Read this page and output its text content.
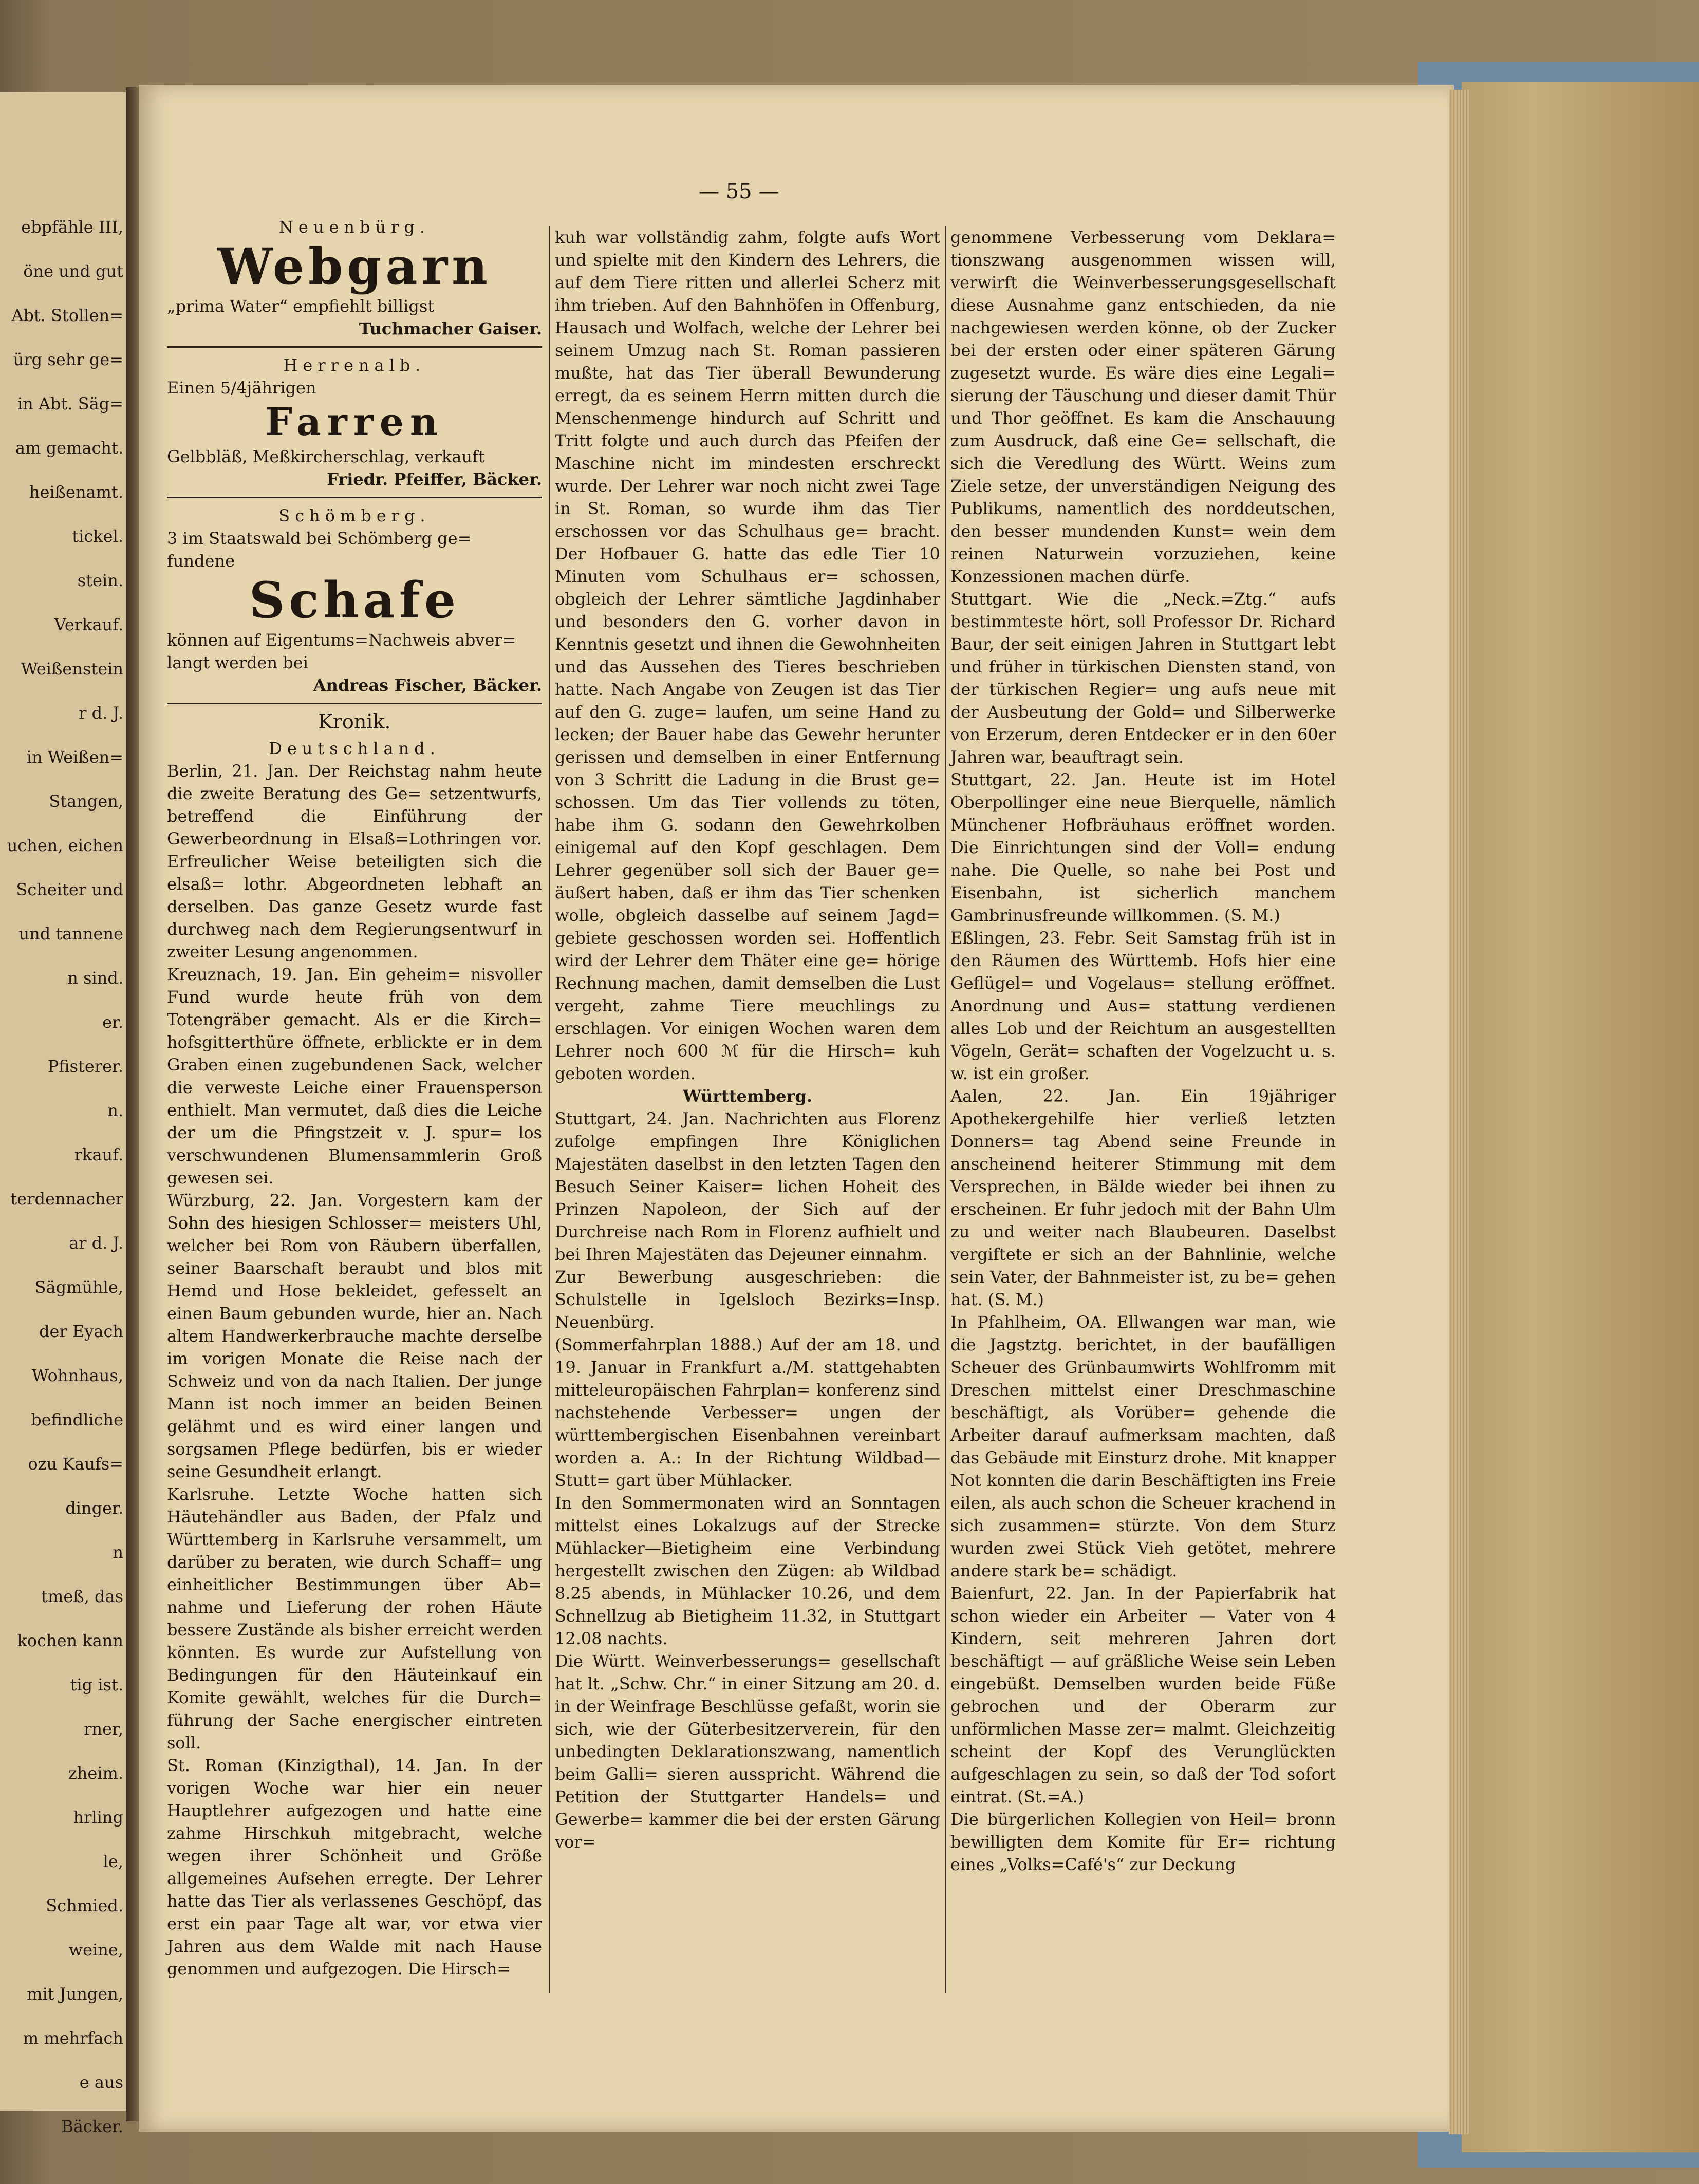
ebpfähle III,
öne und gut
Abt. Stollen=
ürg sehr ge=
in Abt. Säg=
am gemacht.
heißenamt.
tickel.
stein.
Verkauf.
Weißenstein
r d. J.
in Weißen=
Stangen,
uchen, eichen
Scheiter und
und tannene
n sind.
er.
Pfisterer.
n.
rkauf.
terdennacher
ar d. J.
Sägmühle,
der Eyach
Wohnhaus,
befindliche
ozu Kaufs=
dinger.
n
tmeß, das
kochen kann
tig ist.
rner,
zheim.
hrling
le,
Schmied.
weine,
mit Jungen,
m mehrfach
e aus
Bäcker.
— 55 —
Neuenbürg.
Webgarn
„prima Water“ empfiehlt billigst
Tuchmacher Gaiser.
Herrenalb.
Einen 5/4jährigen
Farren
Gelbbläß, Meßkircherschlag, verkauft
Friedr. Pfeiffer, Bäcker.
Schömberg.
3 im Staatswald bei Schömberg ge= fundene
Schafe
können auf Eigentums=Nachweis abver= langt werden bei
Andreas Fischer, Bäcker.
Kronik.
Deutschland.

Berlin, 21. Jan. Der Reichstag nahm heute die zweite Beratung des Ge= setzentwurfs, betreffend die Einführung der Gewerbeordnung in Elsaß=Lothringen vor. Erfreulicher Weise beteiligten sich die elsaß= lothr. Abgeordneten lebhaft an derselben. Das ganze Gesetz wurde fast durchweg nach dem Regierungsentwurf in zweiter Lesung angenommen.

Kreuznach, 19. Jan. Ein geheim= nisvoller Fund wurde heute früh von dem Totengräber gemacht. Als er die Kirch= hofsgitterthüre öffnete, erblickte er in dem Graben einen zugebundenen Sack, welcher die verweste Leiche einer Frauensperson enthielt. Man vermutet, daß dies die Leiche der um die Pfingstzeit v. J. spur= los verschwundenen Blumensammlerin Groß gewesen sei.

Würzburg, 22. Jan. Vorgestern kam der Sohn des hiesigen Schlosser= meisters Uhl, welcher bei Rom von Räubern überfallen, seiner Baarschaft beraubt und blos mit Hemd und Hose bekleidet, gefesselt an einen Baum gebunden wurde, hier an. Nach altem Handwerkerbrauche machte derselbe im vorigen Monate die Reise nach der Schweiz und von da nach Italien. Der junge Mann ist noch immer an beiden Beinen gelähmt und es wird einer langen und sorgsamen Pflege bedürfen, bis er wieder seine Gesundheit erlangt.

Karlsruhe. Letzte Woche hatten sich Häutehändler aus Baden, der Pfalz und Württemberg in Karlsruhe versammelt, um darüber zu beraten, wie durch Schaff= ung einheitlicher Bestimmungen über Ab= nahme und Lieferung der rohen Häute bessere Zustände als bisher erreicht werden könnten. Es wurde zur Aufstellung von Bedingungen für den Häuteinkauf ein Komite gewählt, welches für die Durch= führung der Sache energischer eintreten soll.

St. Roman (Kinzigthal), 14. Jan. In der vorigen Woche war hier ein neuer Hauptlehrer aufgezogen und hatte eine zahme Hirschkuh mitgebracht, welche wegen ihrer Schönheit und Größe allgemeines Aufsehen erregte. Der Lehrer hatte das Tier als verlassenes Geschöpf, das erst ein paar Tage alt war, vor etwa vier Jahren aus dem Walde mit nach Hause genommen und aufgezogen. Die Hirsch=

kuh war vollständig zahm, folgte aufs Wort und spielte mit den Kindern des Lehrers, die auf dem Tiere ritten und allerlei Scherz mit ihm trieben. Auf den Bahnhöfen in Offenburg, Hausach und Wolfach, welche der Lehrer bei seinem Umzug nach St. Roman passieren mußte, hat das Tier überall Bewunderung erregt, da es seinem Herrn mitten durch die Menschenmenge hindurch auf Schritt und Tritt folgte und auch durch das Pfeifen der Maschine nicht im mindesten erschreckt wurde. Der Lehrer war noch nicht zwei Tage in St. Roman, so wurde ihm das Tier erschossen vor das Schulhaus ge= bracht. Der Hofbauer G. hatte das edle Tier 10 Minuten vom Schulhaus er= schossen, obgleich der Lehrer sämtliche Jagdinhaber und besonders den G. vorher davon in Kenntnis gesetzt und ihnen die Gewohnheiten und das Aussehen des Tieres beschrieben hatte. Nach Angabe von Zeugen ist das Tier auf den G. zuge= laufen, um seine Hand zu lecken; der Bauer habe das Gewehr herunter gerissen und demselben in einer Entfernung von 3 Schritt die Ladung in die Brust ge= schossen. Um das Tier vollends zu töten, habe ihm G. sodann den Gewehrkolben einigemal auf den Kopf geschlagen. Dem Lehrer gegenüber soll sich der Bauer ge= äußert haben, daß er ihm das Tier schenken wolle, obgleich dasselbe auf seinem Jagd= gebiete geschossen worden sei. Hoffentlich wird der Lehrer dem Thäter eine ge= hörige Rechnung machen, damit demselben die Lust vergeht, zahme Tiere meuchlings zu erschlagen. Vor einigen Wochen waren dem Lehrer noch 600 ℳ für die Hirsch= kuh geboten worden.

Württemberg.

Stuttgart, 24. Jan. Nachrichten aus Florenz zufolge empfingen Ihre Königlichen Majestäten daselbst in den letzten Tagen den Besuch Seiner Kaiser= lichen Hoheit des Prinzen Napoleon, der Sich auf der Durchreise nach Rom in Florenz aufhielt und bei Ihren Majestäten das Dejeuner einnahm.

Zur Bewerbung ausgeschrieben: die Schulstelle in Igelsloch Bezirks=Insp. Neuenbürg.

(Sommerfahrplan 1888.) Auf der am 18. und 19. Januar in Frankfurt a./M. stattgehabten mitteleuropäischen Fahrplan= konferenz sind nachstehende Verbesser= ungen der württembergischen Eisenbahnen vereinbart worden a. A.: In der Richtung Wildbad—Stutt= gart über Mühlacker.

In den Sommermonaten wird an Sonntagen mittelst eines Lokalzugs auf der Strecke Mühlacker—Bietigheim eine Verbindung hergestellt zwischen den Zügen: ab Wildbad 8.25 abends, in Mühlacker 10.26, und dem Schnellzug ab Bietigheim 11.32, in Stuttgart 12.08 nachts.

Die Württ. Weinverbesserungs= gesellschaft hat lt. „Schw. Chr.“ in einer Sitzung am 20. d. in der Weinfrage Beschlüsse gefaßt, worin sie sich, wie der Güterbesitzerverein, für den unbedingten Deklarationszwang, namentlich beim Galli= sieren ausspricht. Während die Petition der Stuttgarter Handels= und Gewerbe= kammer die bei der ersten Gärung vor=

genommene Verbesserung vom Deklara= tionszwang ausgenommen wissen will, verwirft die Weinverbesserungsgesellschaft diese Ausnahme ganz entschieden, da nie nachgewiesen werden könne, ob der Zucker bei der ersten oder einer späteren Gärung zugesetzt wurde. Es wäre dies eine Legali= sierung der Täuschung und dieser damit Thür und Thor geöffnet. Es kam die Anschauung zum Ausdruck, daß eine Ge= sellschaft, die sich die Veredlung des Württ. Weins zum Ziele setze, der unverständigen Neigung des Publikums, namentlich des norddeutschen, den besser mundenden Kunst= wein dem reinen Naturwein vorzuziehen, keine Konzessionen machen dürfe.

Stuttgart. Wie die „Neck.=Ztg.“ aufs bestimmteste hört, soll Professor Dr. Richard Baur, der seit einigen Jahren in Stuttgart lebt und früher in türkischen Diensten stand, von der türkischen Regier= ung aufs neue mit der Ausbeutung der Gold= und Silberwerke von Erzerum, deren Entdecker er in den 60er Jahren war, beauftragt sein.

Stuttgart, 22. Jan. Heute ist im Hotel Oberpollinger eine neue Bierquelle, nämlich Münchener Hofbräuhaus eröffnet worden. Die Einrichtungen sind der Voll= endung nahe. Die Quelle, so nahe bei Post und Eisenbahn, ist sicherlich manchem Gambrinusfreunde willkommen. (S. M.)

Eßlingen, 23. Febr. Seit Samstag früh ist in den Räumen des Württemb. Hofs hier eine Geflügel= und Vogelaus= stellung eröffnet. Anordnung und Aus= stattung verdienen alles Lob und der Reichtum an ausgestellten Vögeln, Gerät= schaften der Vogelzucht u. s. w. ist ein großer.

Aalen, 22. Jan. Ein 19jähriger Apothekergehilfe hier verließ letzten Donners= tag Abend seine Freunde in anscheinend heiterer Stimmung mit dem Versprechen, in Bälde wieder bei ihnen zu erscheinen. Er fuhr jedoch mit der Bahn Ulm zu und weiter nach Blaubeuren. Daselbst vergiftete er sich an der Bahnlinie, welche sein Vater, der Bahnmeister ist, zu be= gehen hat. (S. M.)

In Pfahlheim, OA. Ellwangen war man, wie die Jagstztg. berichtet, in der baufälligen Scheuer des Grünbaumwirts Wohlfromm mit Dreschen mittelst einer Dreschmaschine beschäftigt, als Vorüber= gehende die Arbeiter darauf aufmerksam machten, daß das Gebäude mit Einsturz drohe. Mit knapper Not konnten die darin Beschäftigten ins Freie eilen, als auch schon die Scheuer krachend in sich zusammen= stürzte. Von dem Sturz wurden zwei Stück Vieh getötet, mehrere andere stark be= schädigt.

Baienfurt, 22. Jan. In der Papierfabrik hat schon wieder ein Arbeiter — Vater von 4 Kindern, seit mehreren Jahren dort beschäftigt — auf gräßliche Weise sein Leben eingebüßt. Demselben wurden beide Füße gebrochen und der Oberarm zur unförmlichen Masse zer= malmt. Gleichzeitig scheint der Kopf des Verunglückten aufgeschlagen zu sein, so daß der Tod sofort eintrat. (St.=A.)

Die bürgerlichen Kollegien von Heil= bronn bewilligten dem Komite für Er= richtung eines „Volks=Café's“ zur Deckung
